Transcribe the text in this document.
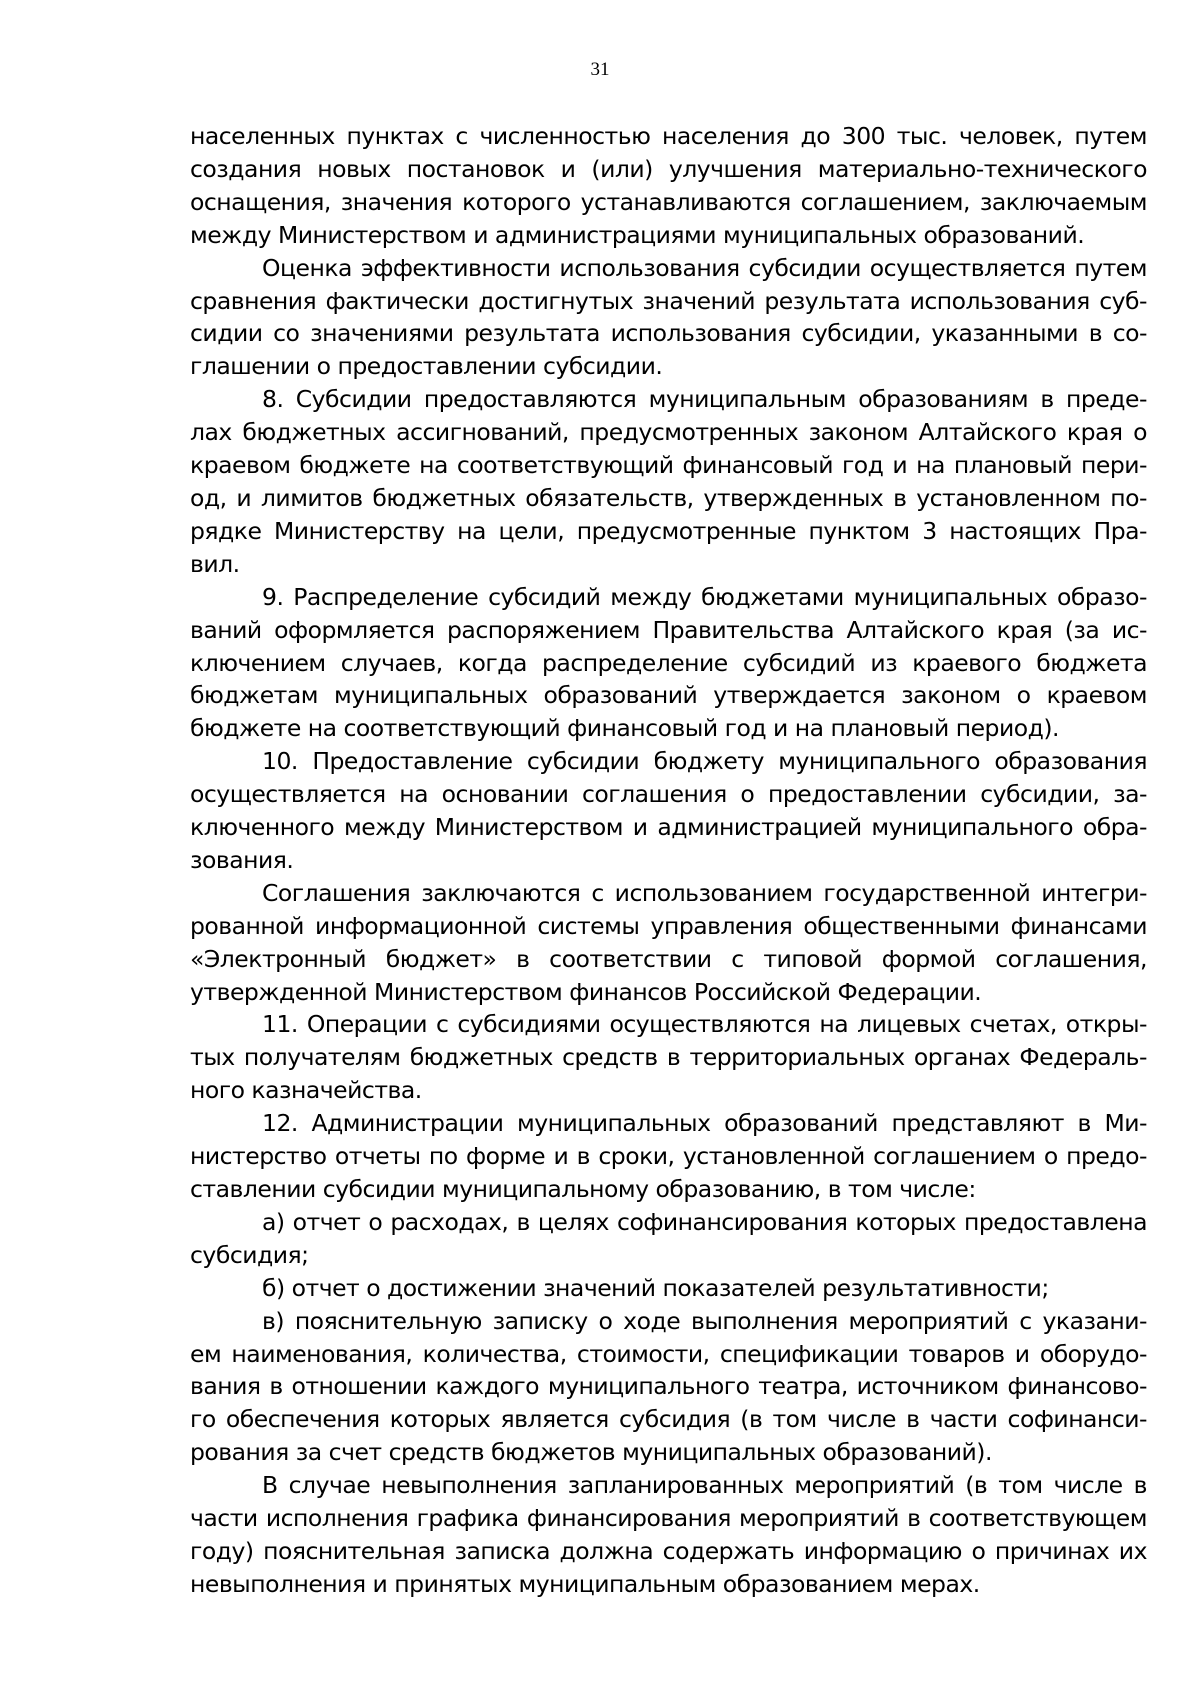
31
населенных пунктах с численностью населения до 300 тыс. человек, путем
создания новых постановок и (или) улучшения материально-технического
оснащения, значения которого устанавливаются соглашением, заключаемым
между Министерством и администрациями муниципальных образований.
Оценка эффективности использования субсидии осуществляется путем
сравнения фактически достигнутых значений результата использования суб-
сидии со значениями результата использования субсидии, указанными в со-
глашении о предоставлении субсидии.
8. Субсидии предоставляются муниципальным образованиям в преде-
лах бюджетных ассигнований, предусмотренных законом Алтайского края о
краевом бюджете на соответствующий финансовый год и на плановый пери-
од, и лимитов бюджетных обязательств, утвержденных в установленном по-
рядке Министерству на цели, предусмотренные пунктом 3 настоящих Пра-
вил.
9. Распределение субсидий между бюджетами муниципальных образо-
ваний оформляется распоряжением Правительства Алтайского края (за ис-
ключением случаев, когда распределение субсидий из краевого бюджета
бюджетам муниципальных образований утверждается законом о краевом
бюджете на соответствующий финансовый год и на плановый период).
10. Предоставление субсидии бюджету муниципального образования
осуществляется на основании соглашения о предоставлении субсидии, за-
ключенного между Министерством и администрацией муниципального обра-
зования.
Соглашения заключаются с использованием государственной интегри-
рованной информационной системы управления общественными финансами
«Электронный бюджет» в соответствии с типовой формой соглашения,
утвержденной Министерством финансов Российской Федерации.
11. Операции с субсидиями осуществляются на лицевых счетах, откры-
тых получателям бюджетных средств в территориальных органах Федераль-
ного казначейства.
12. Администрации муниципальных образований представляют в Ми-
нистерство отчеты по форме и в сроки, установленной соглашением о предо-
ставлении субсидии муниципальному образованию, в том числе:
а) отчет о расходах, в целях софинансирования которых предоставлена
субсидия;
б) отчет о достижении значений показателей результативности;
в) пояснительную записку о ходе выполнения мероприятий с указани-
ем наименования, количества, стоимости, спецификации товаров и оборудо-
вания в отношении каждого муниципального театра, источником финансово-
го обеспечения которых является субсидия (в том числе в части софинанси-
рования за счет средств бюджетов муниципальных образований).
В случае невыполнения запланированных мероприятий (в том числе в
части исполнения графика финансирования мероприятий в соответствующем
году) пояснительная записка должна содержать информацию о причинах их
невыполнения и принятых муниципальным образованием мерах.
